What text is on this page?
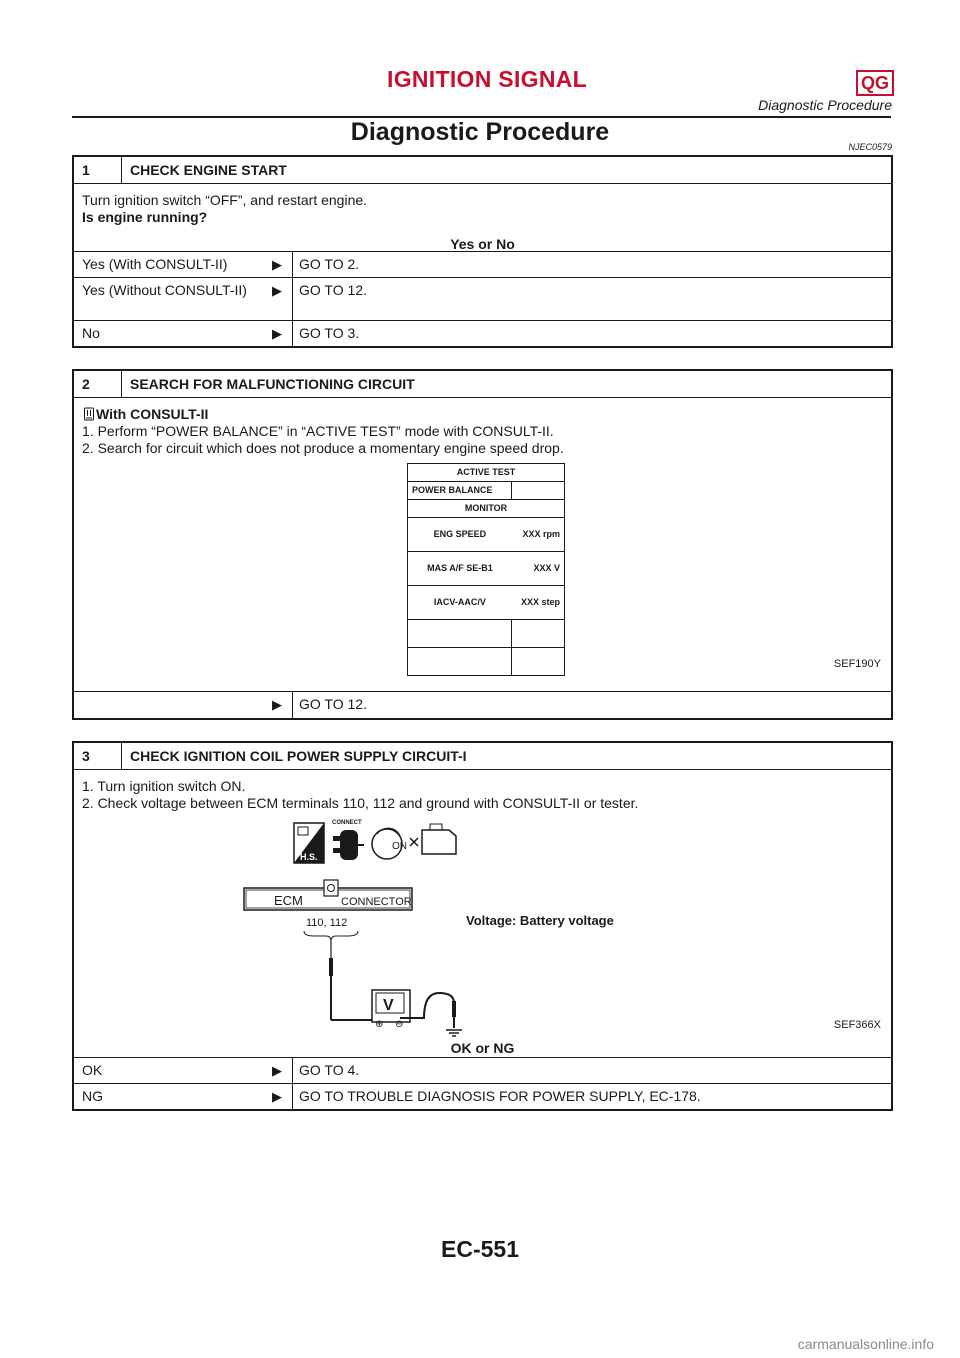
IGNITION SIGNAL	QG
Diagnostic Procedure
Diagnostic Procedure
NJEC0579
1	CHECK ENGINE START
Turn ignition switch “OFF”, and restart engine.
Is engine running?
Yes or No
Yes (With CONSULT-II)	▶	GO TO 2.
Yes (Without CONSULT-II)	▶	GO TO 12.
No	▶	GO TO 3.
2	SEARCH FOR MALFUNCTIONING CIRCUIT
With CONSULT-II
1. Perform “POWER BALANCE” in “ACTIVE TEST” mode with CONSULT-II.
2. Search for circuit which does not produce a momentary engine speed drop.
ACTIVE TEST	
POWER BALANCE	
MONITOR	
ENG SPEED	XXX rpm
MAS A/F SE-B1	XXX V
IACV-AAC/V	XXX step

SEF190Y
▶	GO TO 12.
3	CHECK IGNITION COIL POWER SUPPLY CIRCUIT-I
1. Turn ignition switch ON.
2. Check voltage between ECM terminals 110, 112 and ground with CONSULT-II or tester.
H.S.
CONNECT
ON
ECM	CONNECTOR
110, 112
V
⊕ ⊖
Voltage: Battery voltage
SEF366X
OK or NG
OK	▶	GO TO 4.
NG	▶	GO TO TROUBLE DIAGNOSIS FOR POWER SUPPLY, EC-178.
EC-551
carmanualsonline.info
